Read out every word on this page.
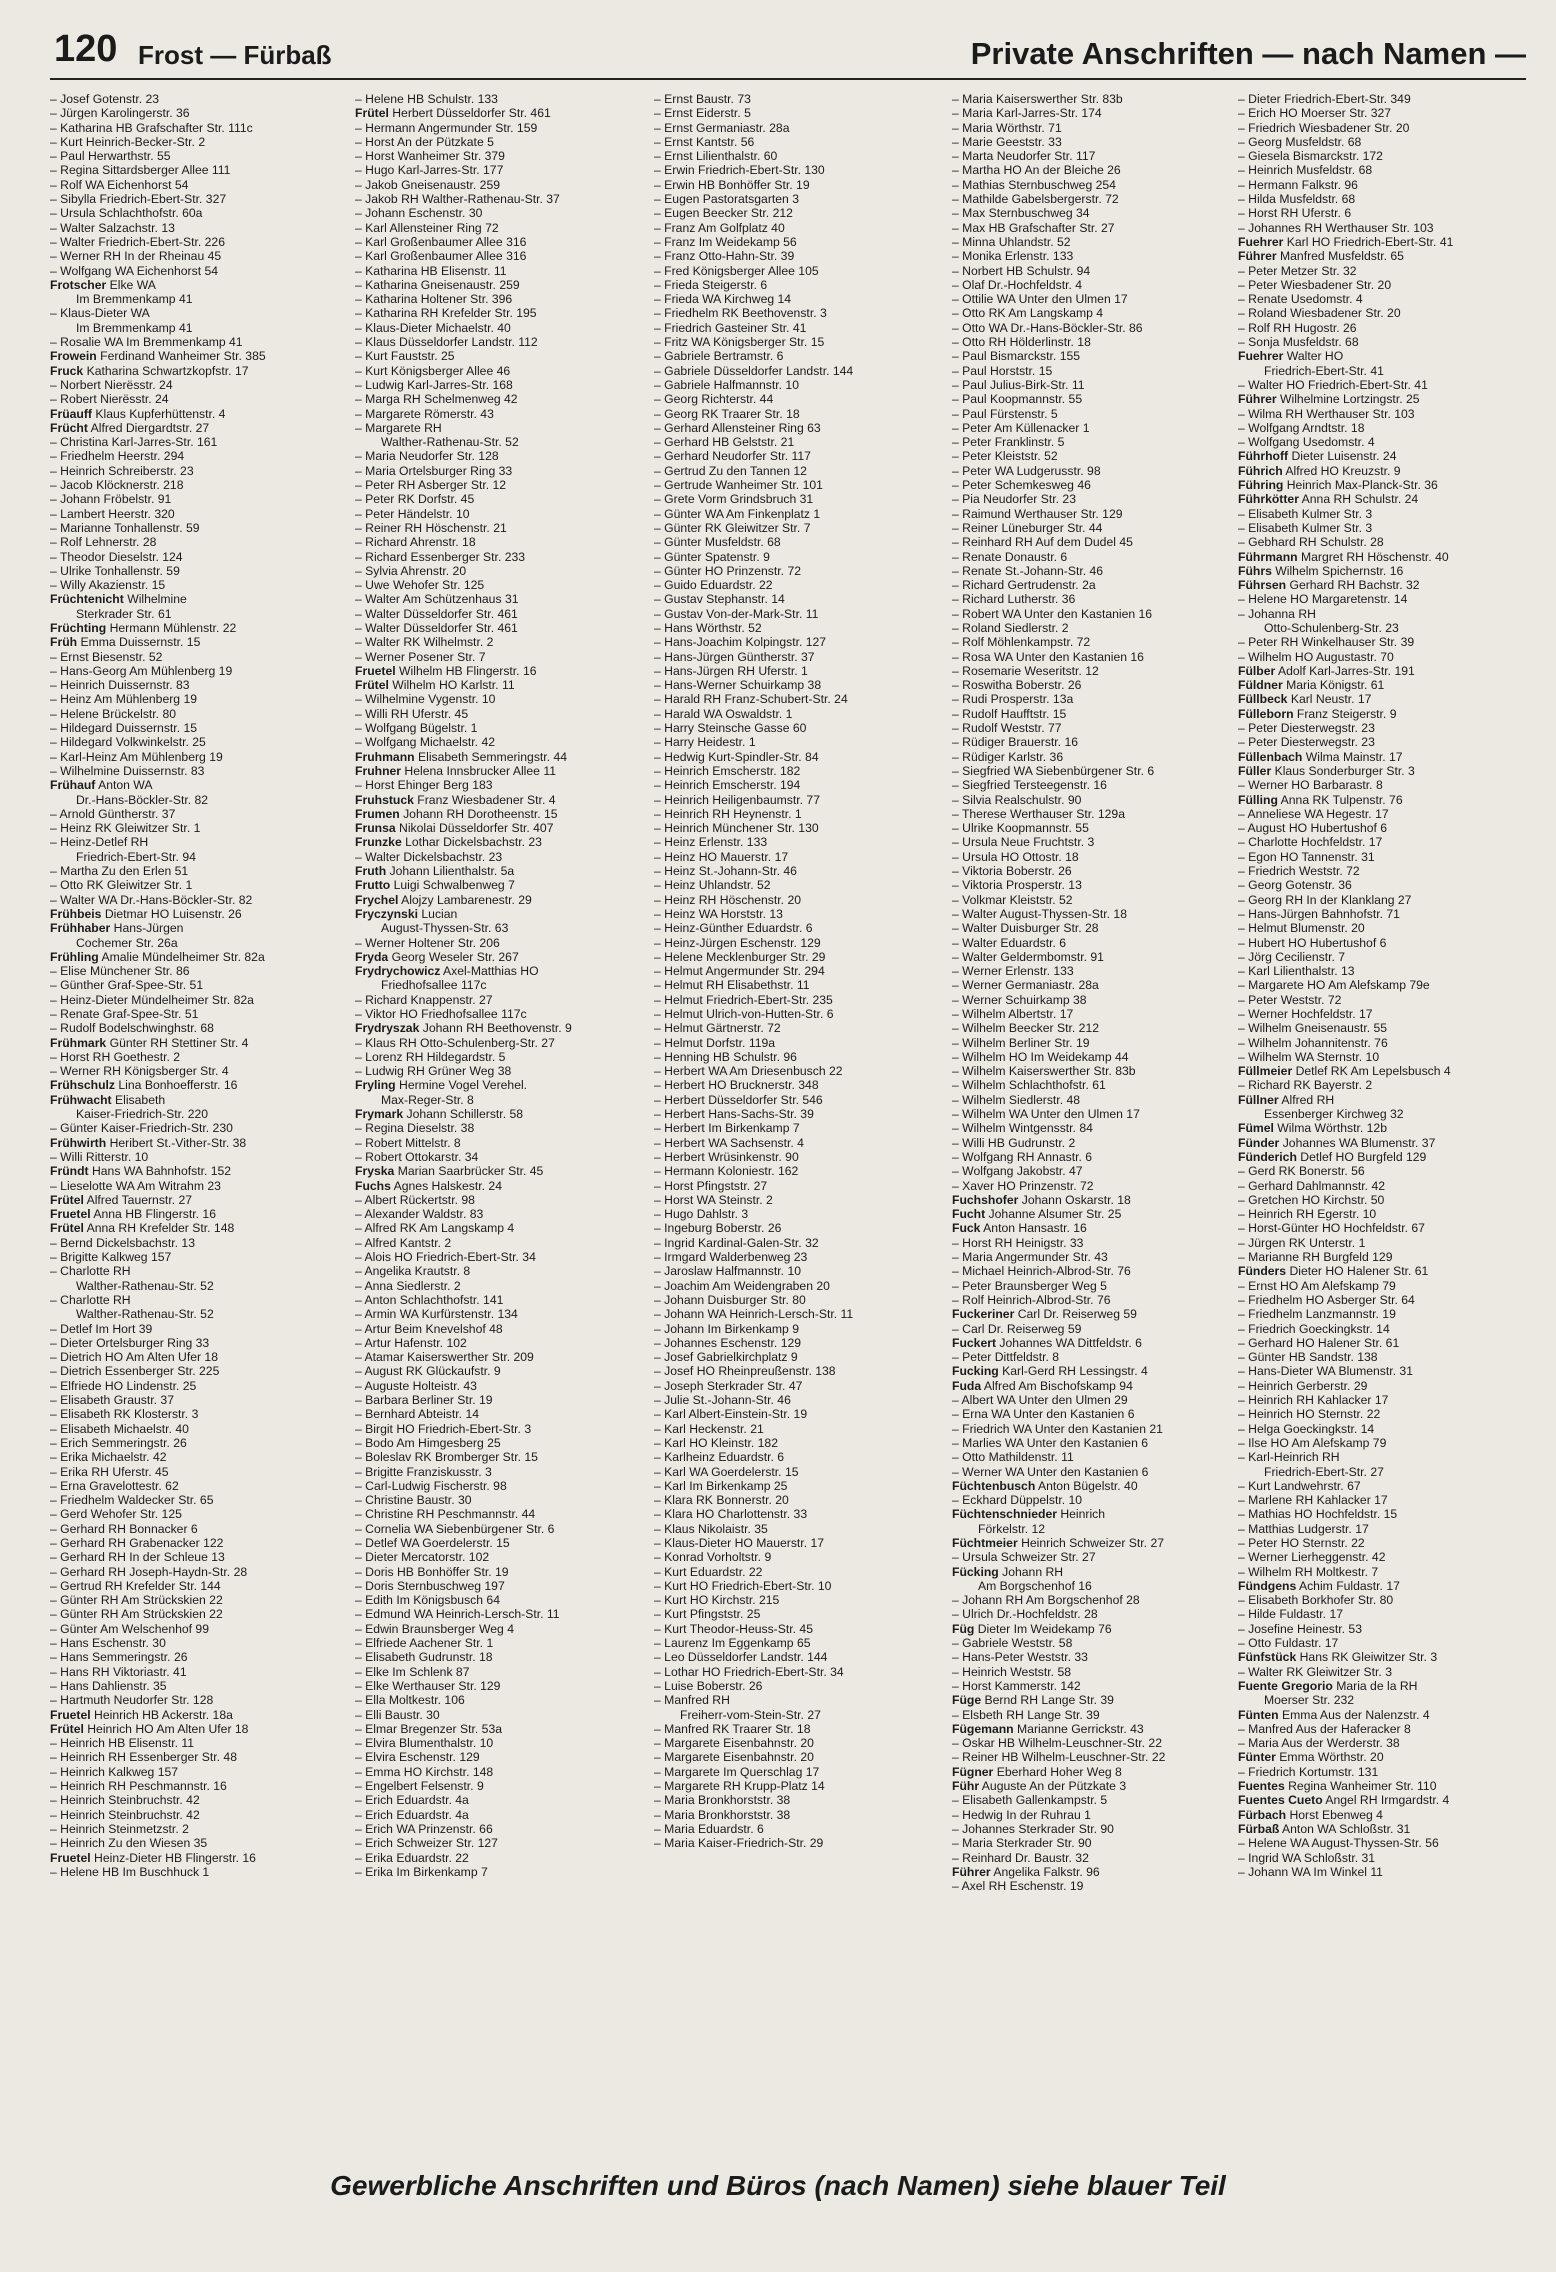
120 Frost — Fürbaß	Private Anschriften — nach Namen —
– Josef Gotenstr. 23
– Jürgen Karolingerstr. 36
– Katharina HB Grafschafter Str. 111c
– Kurt Heinrich-Becker-Str. 2
– Paul Herwarthstr. 55
– Regina Sittardsberger Allee 111
– Rolf WA Eichenhorst 54
– Sibylla Friedrich-Ebert-Str. 327
– Ursula Schlachthofstr. 60a
– Walter Salzachstr. 13
– Walter Friedrich-Ebert-Str. 226
– Werner RH In der Rheinau 45
– Wolfgang WA Eichenhorst 54
Frotscher Elke WA
Im Bremmenkamp 41
– Klaus-Dieter WA
Im Bremmenkamp 41
– Rosalie WA Im Bremmenkamp 41
Frowein Ferdinand Wanheimer Str. 385
Fruck Katharina Schwartzkopfstr. 17
– Norbert Nierësstr. 24
– Robert Nierësstr. 24
Früauff Klaus Kupferhüttenstr. 4
Frücht Alfred Diergardtstr. 27
– Christina Karl-Jarres-Str. 161
– Friedhelm Heerstr. 294
– Heinrich Schreiberstr. 23
– Jacob Klöcknerstr. 218
– Johann Fröbelstr. 91
– Lambert Heerstr. 320
– Marianne Tonhallenstr. 59
– Rolf Lehnerstr. 28
– Theodor Dieselstr. 124
– Ulrike Tonhallenstr. 59
– Willy Akazienstr. 15
Früchtenicht Wilhelmine
Sterkrader Str. 61
Früchting Hermann Mühlenstr. 22
Früh Emma Duissernstr. 15
– Ernst Biesenstr. 52
– Hans-Georg Am Mühlenberg 19
– Heinrich Duissernstr. 83
– Heinz Am Mühlenberg 19
– Helene Brückelstr. 80
– Hildegard Duissernstr. 15
– Hildegard Volkwinkelstr. 25
– Karl-Heinz Am Mühlenberg 19
– Wilhelmine Duissernstr. 83
Frühauf Anton WA
Dr.-Hans-Böckler-Str. 82
– Arnold Güntherstr. 37
– Heinz RK Gleiwitzer Str. 1
– Heinz-Detlef RH
Friedrich-Ebert-Str. 94
– Martha Zu den Erlen 51
– Otto RK Gleiwitzer Str. 1
– Walter WA Dr.-Hans-Böckler-Str. 82
Frühbeis Dietmar HO Luisenstr. 26
Frühhaber Hans-Jürgen
Cochemer Str. 26a
Frühling Amalie Mündelheimer Str. 82a
– Elise Münchener Str. 86
– Günther Graf-Spee-Str. 51
– Heinz-Dieter Mündelheimer Str. 82a
– Renate Graf-Spee-Str. 51
– Rudolf Bodelschwinghstr. 68
Frühmark Günter RH Stettiner Str. 4
– Horst RH Goethestr. 2
– Werner RH Königsberger Str. 4
Frühschulz Lina Bonhoefferstr. 16
Frühwacht Elisabeth
Kaiser-Friedrich-Str. 220
– Günter Kaiser-Friedrich-Str. 230
Frühwirth Heribert St.-Vither-Str. 38
– Willi Ritterstr. 10
Fründt Hans WA Bahnhofstr. 152
– Lieselotte WA Am Witrahm 23
Frütel Alfred Tauernstr. 27
Fruetel Anna HB Flingerstr. 16
Frütel Anna RH Krefelder Str. 148
– Bernd Dickelsbachstr. 13
– Brigitte Kalkweg 157
– Charlotte RH
Walther-Rathenau-Str. 52
– Charlotte RH
Walther-Rathenau-Str. 52
– Detlef Im Hort 39
– Dieter Ortelsburger Ring 33
– Dietrich HO Am Alten Ufer 18
– Dietrich Essenberger Str. 225
– Elfriede HO Lindenstr. 25
– Elisabeth Graustr. 37
– Elisabeth RK Klosterstr. 3
– Elisabeth Michaelstr. 40
– Erich Semmeringstr. 26
– Erika Michaelstr. 42
– Erika RH Uferstr. 45
– Erna Gravelottestr. 62
– Friedhelm Waldecker Str. 65
– Gerd Wehofer Str. 125
– Gerhard RH Bonnacker 6
– Gerhard RH Grabenacker 122
– Gerhard RH In der Schleue 13
– Gerhard RH Joseph-Haydn-Str. 28
– Gertrud RH Krefelder Str. 144
– Günter RH Am Strückskien 22
– Günter RH Am Strückskien 22
– Günter Am Welschenhof 99
– Hans Eschenstr. 30
– Hans Semmeringstr. 26
– Hans RH Viktoriastr. 41
– Hans Dahlienstr. 35
– Hartmuth Neudorfer Str. 128
Fruetel Heinrich HB Ackerstr. 18a
Frütel Heinrich HO Am Alten Ufer 18
– Heinrich HB Elisenstr. 11
– Heinrich RH Essenberger Str. 48
– Heinrich Kalkweg 157
– Heinrich RH Peschmannstr. 16
– Heinrich Steinbruchstr. 42
– Heinrich Steinbruchstr. 42
– Heinrich Steinmetzstr. 2
– Heinrich Zu den Wiesen 35
Fruetel Heinz-Dieter HB Flingerstr. 16
– Helene HB Im Buschhuck 1
– Helene HB Schulstr. 133
Frütel Herbert Düsseldorfer Str. 461
– Hermann Angermunder Str. 159
– Horst An der Pützkate 5
– Horst Wanheimer Str. 379
– Hugo Karl-Jarres-Str. 177
– Jakob Gneisenaustr. 259
– Jakob RH Walther-Rathenau-Str. 37
– Johann Eschenstr. 30
– Karl Allensteiner Ring 72
– Karl Großenbaumer Allee 316
– Karl Großenbaumer Allee 316
– Katharina HB Elisenstr. 11
– Katharina Gneisenaustr. 259
– Katharina Holtener Str. 396
– Katharina RH Krefelder Str. 195
– Klaus-Dieter Michaelstr. 40
– Klaus Düsseldorfer Landstr. 112
– Kurt Fauststr. 25
– Kurt Königsberger Allee 46
– Ludwig Karl-Jarres-Str. 168
– Marga RH Schelmenweg 42
– Margarete Römerstr. 43
– Margarete RH
Walther-Rathenau-Str. 52
– Maria Neudorfer Str. 128
– Maria Ortelsburger Ring 33
– Peter RH Asberger Str. 12
– Peter RK Dorfstr. 45
– Peter Händelstr. 10
– Reiner RH Höschenstr. 21
– Richard Ahrenstr. 18
– Richard Essenberger Str. 233
– Sylvia Ahrenstr. 20
– Uwe Wehofer Str. 125
– Walter Am Schützenhaus 31
– Walter Düsseldorfer Str. 461
– Walter Düsseldorfer Str. 461
– Walter RK Wilhelmstr. 2
– Werner Posener Str. 7
Fruetel Wilhelm HB Flingerstr. 16
Frütel Wilhelm HO Karlstr. 11
– Wilhelmine Vygenstr. 10
– Willi RH Uferstr. 45
– Wolfgang Bügelstr. 1
– Wolfgang Michaelstr. 42
Fruhmann Elisabeth Semmeringstr. 44
Fruhner Helena Innsbrucker Allee 11
– Horst Ehinger Berg 183
Fruhstuck Franz Wiesbadener Str. 4
Frumen Johann RH Dorotheenstr. 15
Frunsa Nikolai Düsseldorfer Str. 407
Frunzke Lothar Dickelsbachstr. 23
– Walter Dickelsbachstr. 23
Fruth Johann Lilienthalstr. 5a
Frutto Luigi Schwalbenweg 7
Frychel Alojzy Lambarenestr. 29
Fryczynski Lucian
August-Thyssen-Str. 63
– Werner Holtener Str. 206
Fryda Georg Weseler Str. 267
Frydrychowicz Axel-Matthias HO
Friedhofsallee 117c
– Richard Knappenstr. 27
– Viktor HO Friedhofsallee 117c
Frydryszak Johann RH Beethovenstr. 9
– Klaus RH Otto-Schulenberg-Str. 27
– Lorenz RH Hildegardstr. 5
– Ludwig RH Grüner Weg 38
Fryling Hermine Vogel Verehel.
Max-Reger-Str. 8
Frymark Johann Schillerstr. 58
– Regina Dieselstr. 38
– Robert Mittelstr. 8
– Robert Ottokarstr. 34
Fryska Marian Saarbrücker Str. 45
Fuchs Agnes Halskestr. 24
– Albert Rückertstr. 98
– Alexander Waldstr. 83
– Alfred RK Am Langskamp 4
– Alfred Kantstr. 2
– Alois HO Friedrich-Ebert-Str. 34
– Angelika Krautstr. 8
– Anna Siedlerstr. 2
– Anton Schlachthofstr. 141
– Armin WA Kurfürstenstr. 134
– Artur Beim Knevelshof 48
– Artur Hafenstr. 102
– Atamar Kaiserswerther Str. 209
– August RK Glückaufstr. 9
– Auguste Holteistr. 43
– Barbara Berliner Str. 19
– Bernhard Abteistr. 14
– Birgit HO Friedrich-Ebert-Str. 3
– Bodo Am Himgesberg 25
– Boleslav RK Bromberger Str. 15
– Brigitte Franziskusstr. 3
– Carl-Ludwig Fischerstr. 98
– Christine Baustr. 30
– Christine RH Peschmannstr. 44
– Cornelia WA Siebenbürgener Str. 6
– Detlef WA Goerdelerstr. 15
– Dieter Mercatorstr. 102
– Doris HB Bonhöffer Str. 19
– Doris Sternbuschweg 197
– Edith Im Königsbusch 64
– Edmund WA Heinrich-Lersch-Str. 11
– Edwin Braunsberger Weg 4
– Elfriede Aachener Str. 1
– Elisabeth Gudrunstr. 18
– Elke Im Schlenk 87
– Elke Werthauser Str. 129
– Ella Moltkestr. 106
– Elli Baustr. 30
– Elmar Bregenzer Str. 53a
– Elvira Blumenthalstr. 10
– Elvira Eschenstr. 129
– Emma HO Kirchstr. 148
– Engelbert Felsenstr. 9
– Erich Eduardstr. 4a
– Erich Eduardstr. 4a
– Erich WA Prinzenstr. 66
– Erich Schweizer Str. 127
– Erika Eduardstr. 22
– Erika Im Birkenkamp 7
– Ernst Baustr. 73
– Ernst Eiderstr. 5
– Ernst Germaniastr. 28a
– Ernst Kantstr. 56
– Ernst Lilienthalstr. 60
– Erwin Friedrich-Ebert-Str. 130
– Erwin HB Bonhöffer Str. 19
– Eugen Pastoratsgarten 3
– Eugen Beecker Str. 212
– Franz Am Golfplatz 40
– Franz Im Weidekamp 56
– Franz Otto-Hahn-Str. 39
– Fred Königsberger Allee 105
– Frieda Steigerstr. 6
– Frieda WA Kirchweg 14
– Friedhelm RK Beethovenstr. 3
– Friedrich Gasteiner Str. 41
– Fritz WA Königsberger Str. 15
– Gabriele Bertramstr. 6
– Gabriele Düsseldorfer Landstr. 144
– Gabriele Halfmannstr. 10
– Georg Richterstr. 44
– Georg RK Traarer Str. 18
– Gerhard Allensteiner Ring 63
– Gerhard HB Gelststr. 21
– Gerhard Neudorfer Str. 117
– Gertrud Zu den Tannen 12
– Gertrude Wanheimer Str. 101
– Grete Vorm Grindsbruch 31
– Günter WA Am Finkenplatz 1
– Günter RK Gleiwitzer Str. 7
– Günter Musfeldstr. 68
– Günter Spatenstr. 9
– Günter HO Prinzenstr. 72
– Guido Eduardstr. 22
– Gustav Stephanstr. 14
– Gustav Von-der-Mark-Str. 11
– Hans Wörthstr. 52
– Hans-Joachim Kolpingstr. 127
– Hans-Jürgen Güntherstr. 37
– Hans-Jürgen RH Uferstr. 1
– Hans-Werner Schuirkamp 38
– Harald RH Franz-Schubert-Str. 24
– Harald WA Oswaldstr. 1
– Harry Steinsche Gasse 60
– Harry Heidestr. 1
– Hedwig Kurt-Spindler-Str. 84
– Heinrich Emscherstr. 182
– Heinrich Emscherstr. 194
– Heinrich Heiligenbaumstr. 77
– Heinrich RH Heynenstr. 1
– Heinrich Münchener Str. 130
– Heinz Erlenstr. 133
– Heinz HO Mauerstr. 17
– Heinz St.-Johann-Str. 46
– Heinz Uhlandstr. 52
– Heinz RH Höschenstr. 20
– Heinz WA Horststr. 13
– Heinz-Günther Eduardstr. 6
– Heinz-Jürgen Eschenstr. 129
– Helene Mecklenburger Str. 29
– Helmut Angermunder Str. 294
– Helmut RH Elisabethstr. 11
– Helmut Friedrich-Ebert-Str. 235
– Helmut Ulrich-von-Hutten-Str. 6
– Helmut Gärtnerstr. 72
– Helmut Dorfstr. 119a
– Henning HB Schulstr. 96
– Herbert WA Am Driesenbusch 22
– Herbert HO Brucknerstr. 348
– Herbert Düsseldorfer Str. 546
– Herbert Hans-Sachs-Str. 39
– Herbert Im Birkenkamp 7
– Herbert WA Sachsenstr. 4
– Herbert Wrüsinkenstr. 90
– Hermann Koloniestr. 162
– Horst Pfingststr. 27
– Horst WA Steinstr. 2
– Hugo Dahlstr. 3
– Ingeburg Boberstr. 26
– Ingrid Kardinal-Galen-Str. 32
– Irmgard Walderbenweg 23
– Jaroslaw Halfmannstr. 10
– Joachim Am Weidengraben 20
– Johann Duisburger Str. 80
– Johann WA Heinrich-Lersch-Str. 11
– Johann Im Birkenkamp 9
– Johannes Eschenstr. 129
– Josef Gabrielkirchplatz 9
– Josef HO Rheinpreußenstr. 138
– Joseph Sterkrader Str. 47
– Julie St.-Johann-Str. 46
– Karl Albert-Einstein-Str. 19
– Karl Heckenstr. 21
– Karl HO Kleinstr. 182
– Karlheinz Eduardstr. 6
– Karl WA Goerdelerstr. 15
– Karl Im Birkenkamp 25
– Klara RK Bonnerstr. 20
– Klara HO Charlottenstr. 33
– Klaus Nikolaistr. 35
– Klaus-Dieter HO Mauerstr. 17
– Konrad Vorholtstr. 9
– Kurt Eduardstr. 22
– Kurt HO Friedrich-Ebert-Str. 10
– Kurt HO Kirchstr. 215
– Kurt Pfingststr. 25
– Kurt Theodor-Heuss-Str. 45
– Laurenz Im Eggenkamp 65
– Leo Düsseldorfer Landstr. 144
– Lothar HO Friedrich-Ebert-Str. 34
– Luise Boberstr. 26
– Manfred RH
Freiherr-vom-Stein-Str. 27
– Manfred RK Traarer Str. 18
– Margarete Eisenbahnstr. 20
– Margarete Eisenbahnstr. 20
– Margarete Im Querschlag 17
– Margarete RH Krupp-Platz 14
– Maria Bronkhorststr. 38
– Maria Bronkhorststr. 38
– Maria Eduardstr. 6
– Maria Kaiser-Friedrich-Str. 29
– Maria Kaiserswerther Str. 83b
– Maria Karl-Jarres-Str. 174
– Maria Wörthstr. 71
– Marie Geeststr. 33
– Marta Neudorfer Str. 117
– Martha HO An der Bleiche 26
– Mathias Sternbuschweg 254
– Mathilde Gabelsbergerstr. 72
– Max Sternbuschweg 34
– Max HB Grafschafter Str. 27
– Minna Uhlandstr. 52
– Monika Erlenstr. 133
– Norbert HB Schulstr. 94
– Olaf Dr.-Hochfeldstr. 4
– Ottilie WA Unter den Ulmen 17
– Otto RK Am Langskamp 4
– Otto WA Dr.-Hans-Böckler-Str. 86
– Otto RH Hölderlinstr. 18
– Paul Bismarckstr. 155
– Paul Horststr. 15
– Paul Julius-Birk-Str. 11
– Paul Koopmannstr. 55
– Paul Fürstenstr. 5
– Peter Am Küllenacker 1
– Peter Franklinstr. 5
– Peter Kleiststr. 52
– Peter WA Ludgerusstr. 98
– Peter Schemkesweg 46
– Pia Neudorfer Str. 23
– Raimund Werthauser Str. 129
– Reiner Lüneburger Str. 44
– Reinhard RH Auf dem Dudel 45
– Renate Donaustr. 6
– Renate St.-Johann-Str. 46
– Richard Gertrudenstr. 2a
– Richard Lutherstr. 36
– Robert WA Unter den Kastanien 16
– Roland Siedlerstr. 2
– Rolf Möhlenkampstr. 72
– Rosa WA Unter den Kastanien 16
– Rosemarie Weseritstr. 12
– Roswitha Boberstr. 26
– Rudi Prosperstr. 13a
– Rudolf Haufftstr. 15
– Rudolf Weststr. 77
– Rüdiger Brauerstr. 16
– Rüdiger Karlstr. 36
– Siegfried WA Siebenbürgener Str. 6
– Siegfried Tersteegenstr. 16
– Silvia Realschulstr. 90
– Therese Werthauser Str. 129a
– Ulrike Koopmannstr. 55
– Ursula Neue Fruchtstr. 3
– Ursula HO Ottostr. 18
– Viktoria Boberstr. 26
– Viktoria Prosperstr. 13
– Volkmar Kleiststr. 52
– Walter August-Thyssen-Str. 18
– Walter Duisburger Str. 28
– Walter Eduardstr. 6
– Walter Geldermbomstr. 91
– Werner Erlenstr. 133
– Werner Germaniastr. 28a
– Werner Schuirkamp 38
– Wilhelm Albertstr. 17
– Wilhelm Beecker Str. 212
– Wilhelm Berliner Str. 19
– Wilhelm HO Im Weidekamp 44
– Wilhelm Kaiserswerther Str. 83b
– Wilhelm Schlachthofstr. 61
– Wilhelm Siedlerstr. 48
– Wilhelm WA Unter den Ulmen 17
– Wilhelm Wintgensstr. 84
– Willi HB Gudrunstr. 2
– Wolfgang RH Annastr. 6
– Wolfgang Jakobstr. 47
– Xaver HO Prinzenstr. 72
Fuchshofer Johann Oskarstr. 18
Fucht Johanne Alsumer Str. 25
Fuck Anton Hansastr. 16
– Horst RH Heinigstr. 33
– Maria Angermunder Str. 43
– Michael Heinrich-Albrod-Str. 76
– Peter Braunsberger Weg 5
– Rolf Heinrich-Albrod-Str. 76
Fuckeriner Carl Dr. Reiserweg 59
– Carl Dr. Reiserweg 59
Fuckert Johannes WA Dittfeldstr. 6
– Peter Dittfeldstr. 8
Fucking Karl-Gerd RH Lessingstr. 4
Fuda Alfred Am Bischofskamp 94
– Albert WA Unter den Ulmen 29
– Erna WA Unter den Kastanien 6
– Friedrich WA Unter den Kastanien 21
– Marlies WA Unter den Kastanien 6
– Otto Mathildenstr. 11
– Werner WA Unter den Kastanien 6
Füchtenbusch Anton Bügelstr. 40
– Eckhard Düppelstr. 10
Füchtenschnieder Heinrich
Förkelstr. 12
Füchtmeier Heinrich Schweizer Str. 27
– Ursula Schweizer Str. 27
Fücking Johann RH
Am Borgschenhof 16
– Johann RH Am Borgschenhof 28
– Ulrich Dr.-Hochfeldstr. 28
Füg Dieter Im Weidekamp 76
– Gabriele Weststr. 58
– Hans-Peter Weststr. 33
– Heinrich Weststr. 58
– Horst Kammerstr. 142
Füge Bernd RH Lange Str. 39
– Elsbeth RH Lange Str. 39
Fügemann Marianne Gerrickstr. 43
– Oskar HB Wilhelm-Leuschner-Str. 22
– Reiner HB Wilhelm-Leuschner-Str. 22
Fügner Eberhard Hoher Weg 8
Führ Auguste An der Pützkate 3
– Elisabeth Gallenkampstr. 5
– Hedwig In der Ruhrau 1
– Johannes Sterkrader Str. 90
– Maria Sterkrader Str. 90
– Reinhard Dr. Baustr. 32
Führer Angelika Falkstr. 96
– Axel RH Eschenstr. 19
– Dieter Friedrich-Ebert-Str. 349
– Erich HO Moerser Str. 327
– Friedrich Wiesbadener Str. 20
– Georg Musfeldstr. 68
– Giesela Bismarckstr. 172
– Heinrich Musfeldstr. 68
– Hermann Falkstr. 96
– Hilda Musfeldstr. 68
– Horst RH Uferstr. 6
– Johannes RH Werthauser Str. 103
Fuehrer Karl HO Friedrich-Ebert-Str. 41
Führer Manfred Musfeldstr. 65
– Peter Metzer Str. 32
– Peter Wiesbadener Str. 20
– Renate Usedomstr. 4
– Roland Wiesbadener Str. 20
– Rolf RH Hugostr. 26
– Sonja Musfeldstr. 68
Fuehrer Walter HO
Friedrich-Ebert-Str. 41
– Walter HO Friedrich-Ebert-Str. 41
Führer Wilhelmine Lortzingstr. 25
– Wilma RH Werthauser Str. 103
– Wolfgang Arndtstr. 18
– Wolfgang Usedomstr. 4
Führhoff Dieter Luisenstr. 24
Führich Alfred HO Kreuzstr. 9
Führing Heinrich Max-Planck-Str. 36
Führkötter Anna RH Schulstr. 24
– Elisabeth Kulmer Str. 3
– Elisabeth Kulmer Str. 3
– Gebhard RH Schulstr. 28
Führmann Margret RH Höschenstr. 40
Führs Wilhelm Spichernstr. 16
Führsen Gerhard RH Bachstr. 32
– Helene HO Margaretenstr. 14
– Johanna RH
Otto-Schulenberg-Str. 23
– Peter RH Winkelhauser Str. 39
– Wilhelm HO Augustastr. 70
Fülber Adolf Karl-Jarres-Str. 191
Füldner Maria Königstr. 61
Füllbeck Karl Neustr. 17
Fülleborn Franz Steigerstr. 9
– Peter Diesterwegstr. 23
– Peter Diesterwegstr. 23
Füllenbach Wilma Mainstr. 17
Füller Klaus Sonderburger Str. 3
– Werner HO Barbarastr. 8
Fülling Anna RK Tulpenstr. 76
– Anneliese WA Hegestr. 17
– August HO Hubertushof 6
– Charlotte Hochfeldstr. 17
– Egon HO Tannenstr. 31
– Friedrich Weststr. 72
– Georg Gotenstr. 36
– Georg RH In der Klanklang 27
– Hans-Jürgen Bahnhofstr. 71
– Helmut Blumenstr. 20
– Hubert HO Hubertushof 6
– Jörg Cecilienstr. 7
– Karl Lilienthalstr. 13
– Margarete HO Am Alefskamp 79e
– Peter Weststr. 72
– Werner Hochfeldstr. 17
– Wilhelm Gneisenaustr. 55
– Wilhelm Johannitenstr. 76
– Wilhelm WA Sternstr. 10
Füllmeier Detlef RK Am Lepelsbusch 4
– Richard RK Bayerstr. 2
Füllner Alfred RH
Essenberger Kirchweg 32
Fümel Wilma Wörthstr. 12b
Fünder Johannes WA Blumenstr. 37
Fünderich Detlef HO Burgfeld 129
– Gerd RK Bonerstr. 56
– Gerhard Dahlmannstr. 42
– Gretchen HO Kirchstr. 50
– Heinrich RH Egerstr. 10
– Horst-Günter HO Hochfeldstr. 67
– Jürgen RK Unterstr. 1
– Marianne RH Burgfeld 129
Fünders Dieter HO Halener Str. 61
– Ernst HO Am Alefskamp 79
– Friedhelm HO Asberger Str. 64
– Friedhelm Lanzmannstr. 19
– Friedrich Goeckingkstr. 14
– Gerhard HO Halener Str. 61
– Günter HB Sandstr. 138
– Hans-Dieter WA Blumenstr. 31
– Heinrich Gerberstr. 29
– Heinrich RH Kahlacker 17
– Heinrich HO Sternstr. 22
– Helga Goeckingkstr. 14
– Ilse HO Am Alefskamp 79
– Karl-Heinrich RH
Friedrich-Ebert-Str. 27
– Kurt Landwehrstr. 67
– Marlene RH Kahlacker 17
– Mathias HO Hochfeldstr. 15
– Matthias Ludgerstr. 17
– Peter HO Sternstr. 22
– Werner Lierheggenstr. 42
– Wilhelm RH Moltkestr. 7
Fündgens Achim Fuldastr. 17
– Elisabeth Borkhofer Str. 80
– Hilde Fuldastr. 17
– Josefine Heinestr. 53
– Otto Fuldastr. 17
Fünfstück Hans RK Gleiwitzer Str. 3
– Walter RK Gleiwitzer Str. 3
Fuente Gregorio Maria de la RH
Moerser Str. 232
Fünten Emma Aus der Nalenzstr. 4
– Manfred Aus der Haferacker 8
– Maria Aus der Werderstr. 38
Fünter Emma Wörthstr. 20
– Friedrich Kortumstr. 131
Fuentes Regina Wanheimer Str. 110
Fuentes Cueto Angel RH Irmgardstr. 4
Fürbach Horst Ebenweg 4
Fürbaß Anton WA Schloßstr. 31
– Helene WA August-Thyssen-Str. 56
– Ingrid WA Schloßstr. 31
– Johann WA Im Winkel 11
Gewerbliche Anschriften und Büros (nach Namen) siehe blauer Teil
